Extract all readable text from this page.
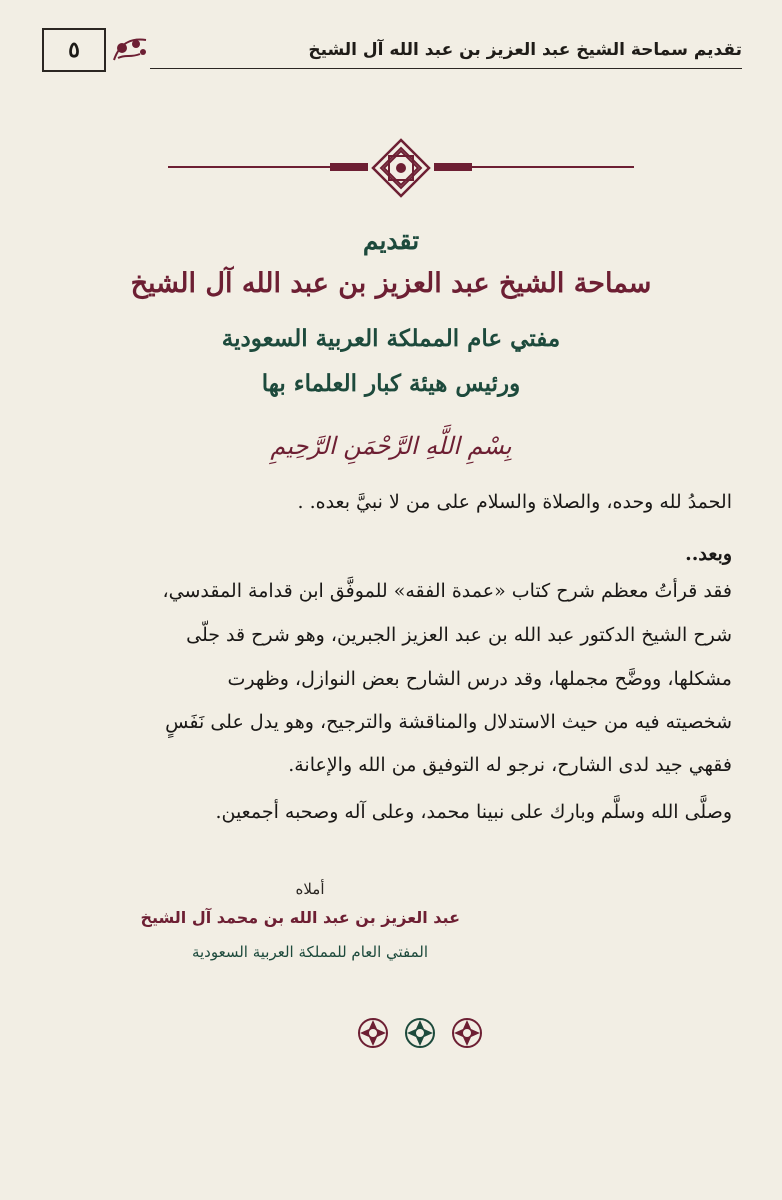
٥	تقديم سماحة الشيخ عبد العزيز بن عبد الله آل الشيخ
تقديم
سماحة الشيخ عبد العزيز بن عبد الله آل الشيخ
مفتي عام المملكة العربية السعودية
ورئيس هيئة كبار العلماء بها
بِسْمِ اللَّهِ الرَّحْمَنِ الرَّحِيمِ
الحمدُ لله وحده، والصلاة والسلام على من لا نبيَّ بعده. .
وبعد..
فقد قرأتُ معظم شرح كتاب «عمدة الفقه» للموفَّق ابن قدامة المقدسي،
شرح الشيخ الدكتور عبد الله بن عبد العزيز الجبرين، وهو شرح قد جلّى
مشكلها، ووضَّح مجملها، وقد درس الشارح بعض النوازل، وظهرت
شخصيته فيه من حيث الاستدلال والمناقشة والترجيح، وهو يدل على نَفَسٍ
فقهي جيد لدى الشارح، نرجو له التوفيق من الله والإعانة.
وصلَّى الله وسلَّم وبارك على نبينا محمد، وعلى آله وصحبه أجمعين.
أملاه
عبد العزيز بن عبد الله بن محمد آل الشيخ
المفتي العام للمملكة العربية السعودية
